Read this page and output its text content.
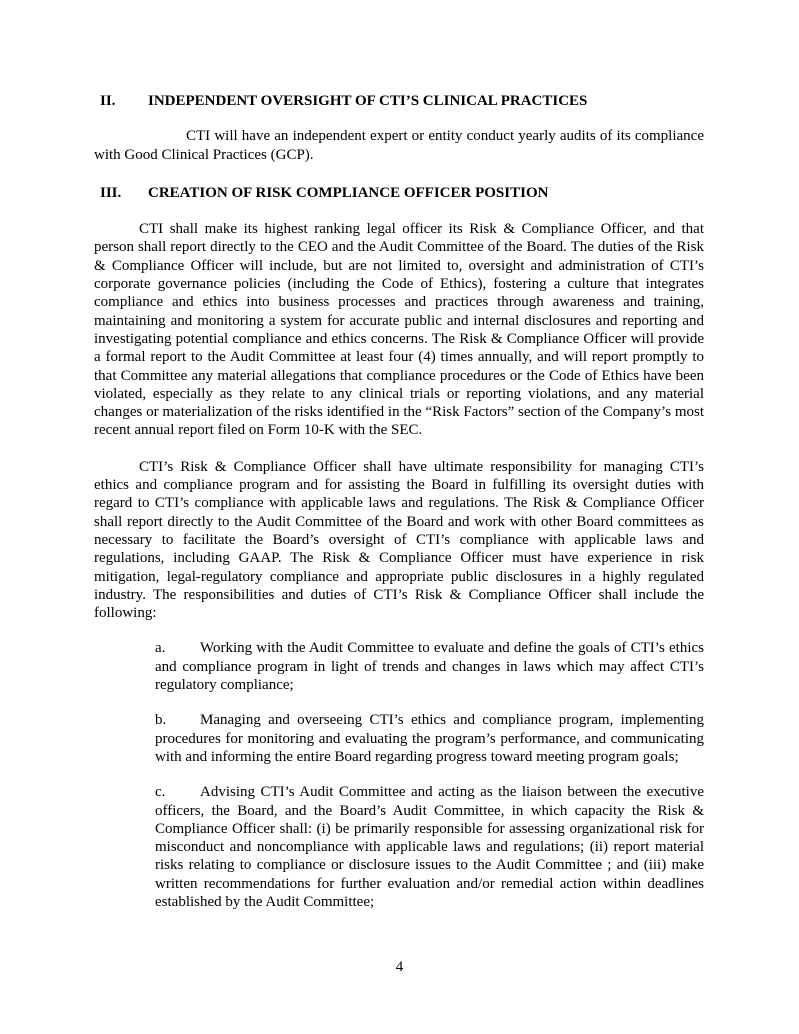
II.	INDEPENDENT OVERSIGHT OF CTI’S CLINICAL PRACTICES

CTI will have an independent expert or entity conduct yearly audits of its compliance with Good Clinical Practices (GCP).

III.	CREATION OF RISK COMPLIANCE OFFICER POSITION

CTI shall make its highest ranking legal officer its Risk & Compliance Officer, and that person shall report directly to the CEO and the Audit Committee of the Board. The duties of the Risk & Compliance Officer will include, but are not limited to, oversight and administration of CTI’s corporate governance policies (including the Code of Ethics), fostering a culture that integrates compliance and ethics into business processes and practices through awareness and training, maintaining and monitoring a system for accurate public and internal disclosures and reporting and investigating potential compliance and ethics concerns. The Risk & Compliance Officer will provide a formal report to the Audit Committee at least four (4) times annually, and will report promptly to that Committee any material allegations that compliance procedures or the Code of Ethics have been violated, especially as they relate to any clinical trials or reporting violations, and any material changes or materialization of the risks identified in the “Risk Factors” section of the Company’s most recent annual report filed on Form 10-K with the SEC.

CTI’s Risk & Compliance Officer shall have ultimate responsibility for managing CTI’s ethics and compliance program and for assisting the Board in fulfilling its oversight duties with regard to CTI’s compliance with applicable laws and regulations. The Risk & Compliance Officer shall report directly to the Audit Committee of the Board and work with other Board committees as necessary to facilitate the Board’s oversight of CTI’s compliance with applicable laws and regulations, including GAAP. The Risk & Compliance Officer must have experience in risk mitigation, legal-regulatory compliance and appropriate public disclosures in a highly regulated industry. The responsibilities and duties of CTI’s Risk & Compliance Officer shall include the following:

a. Working with the Audit Committee to evaluate and define the goals of CTI’s ethics and compliance program in light of trends and changes in laws which may affect CTI’s regulatory compliance;
b. Managing and overseeing CTI’s ethics and compliance program, implementing procedures for monitoring and evaluating the program’s performance, and communicating with and informing the entire Board regarding progress toward meeting program goals;
c. Advising CTI’s Audit Committee and acting as the liaison between the executive officers, the Board, and the Board’s Audit Committee, in which capacity the Risk & Compliance Officer shall: (i) be primarily responsible for assessing organizational risk for misconduct and noncompliance with applicable laws and regulations; (ii) report material risks relating to compliance or disclosure issues to the Audit Committee ; and (iii) make written recommendations for further evaluation and/or remedial action within deadlines established by the Audit Committee;
4
